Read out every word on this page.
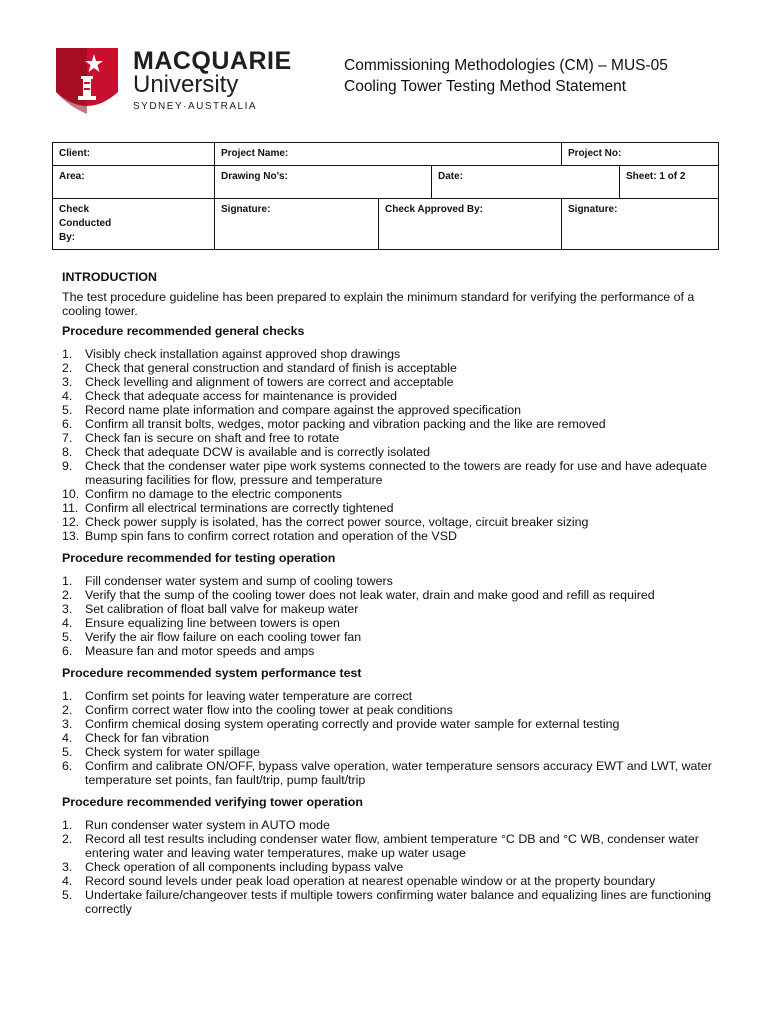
MACQUARIE
University
SYDNEY·AUSTRALIA
Commissioning Methodologies (CM) – MUS-05
Cooling Tower Testing Method Statement
Client:	Project Name:			Project No:	
Area:	Drawing No’s:		Date:		Sheet: 1 of 2
Check
Conducted
By:	Signature:	Check Approved By:		Signature:	
INTRODUCTION
The test procedure guideline has been prepared to explain the minimum standard for verifying the performance of a cooling tower.
Procedure recommended general checks
1. Visibly check installation against approved shop drawings
2. Check that general construction and standard of finish is acceptable
3. Check levelling and alignment of towers are correct and acceptable
4. Check that adequate access for maintenance is provided
5. Record name plate information and compare against the approved specification
6. Confirm all transit bolts, wedges, motor packing and vibration packing and the like are removed
7. Check fan is secure on shaft and free to rotate
8. Check that adequate DCW is available and is correctly isolated
9. Check that the condenser water pipe work systems connected to the towers are ready for use and have adequate measuring facilities for flow, pressure and temperature
10. Confirm no damage to the electric components
11. Confirm all electrical terminations are correctly tightened
12. Check power supply is isolated, has the correct power source, voltage, circuit breaker sizing
13. Bump spin fans to confirm correct rotation and operation of the VSD
Procedure recommended for testing operation
1. Fill condenser water system and sump of cooling towers
2. Verify that the sump of the cooling tower does not leak water, drain and make good and refill as required
3. Set calibration of float ball valve for makeup water
4. Ensure equalizing line between towers is open
5. Verify the air flow failure on each cooling tower fan
6. Measure fan and motor speeds and amps
Procedure recommended system performance test
1. Confirm set points for leaving water temperature are correct
2. Confirm correct water flow into the cooling tower at peak conditions
3. Confirm chemical dosing system operating correctly and provide water sample for external testing
4. Check for fan vibration
5. Check system for water spillage
6. Confirm and calibrate ON/OFF, bypass valve operation, water temperature sensors accuracy EWT and LWT, water temperature set points, fan fault/trip, pump fault/trip
Procedure recommended verifying tower operation
1. Run condenser water system in AUTO mode
2. Record all test results including condenser water flow, ambient temperature °C DB and °C WB, condenser water entering water and leaving water temperatures, make up water usage
3. Check operation of all components including bypass valve
4. Record sound levels under peak load operation at nearest openable window or at the property boundary
5. Undertake failure/changeover tests if multiple towers confirming water balance and equalizing lines are functioning correctly
